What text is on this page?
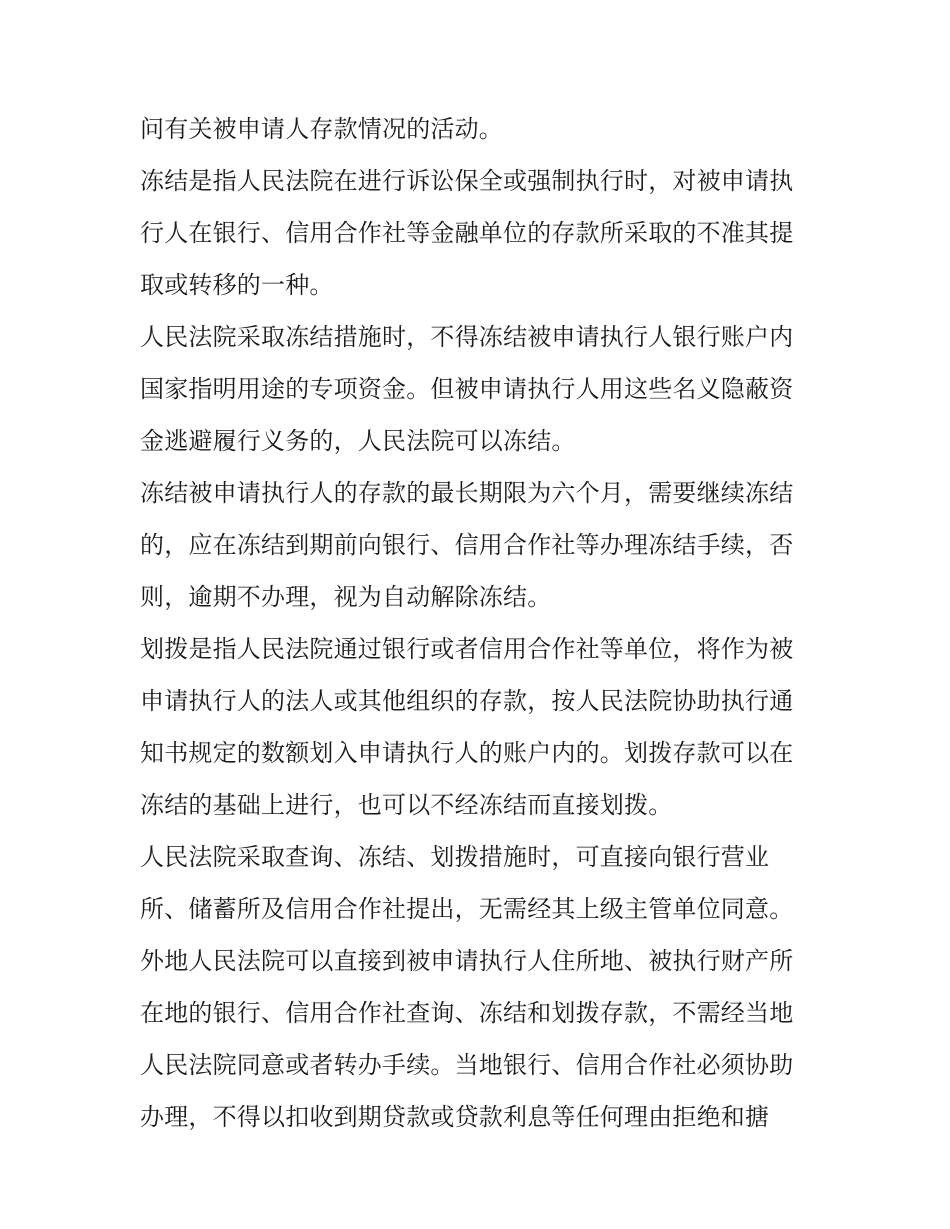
问有关被申请人存款情况的活动。
冻结是指人民法院在进行诉讼保全或强制执行时，对被申请执
行人在银行、信用合作社等金融单位的存款所采取的不准其提
取或转移的一种。
人民法院采取冻结措施时，不得冻结被申请执行人银行账户内
国家指明用途的专项资金。但被申请执行人用这些名义隐蔽资
金逃避履行义务的，人民法院可以冻结。
冻结被申请执行人的存款的最长期限为六个月，需要继续冻结
的，应在冻结到期前向银行、信用合作社等办理冻结手续，否
则，逾期不办理，视为自动解除冻结。
划拨是指人民法院通过银行或者信用合作社等单位，将作为被
申请执行人的法人或其他组织的存款，按人民法院协助执行通
知书规定的数额划入申请执行人的账户内的。划拨存款可以在
冻结的基础上进行，也可以不经冻结而直接划拨。
人民法院采取查询、冻结、划拨措施时，可直接向银行营业
所、储蓄所及信用合作社提出，无需经其上级主管单位同意。
外地人民法院可以直接到被申请执行人住所地、被执行财产所
在地的银行、信用合作社查询、冻结和划拨存款，不需经当地
人民法院同意或者转办手续。当地银行、信用合作社必须协助
办理，不得以扣收到期贷款或贷款利息等任何理由拒绝和搪
